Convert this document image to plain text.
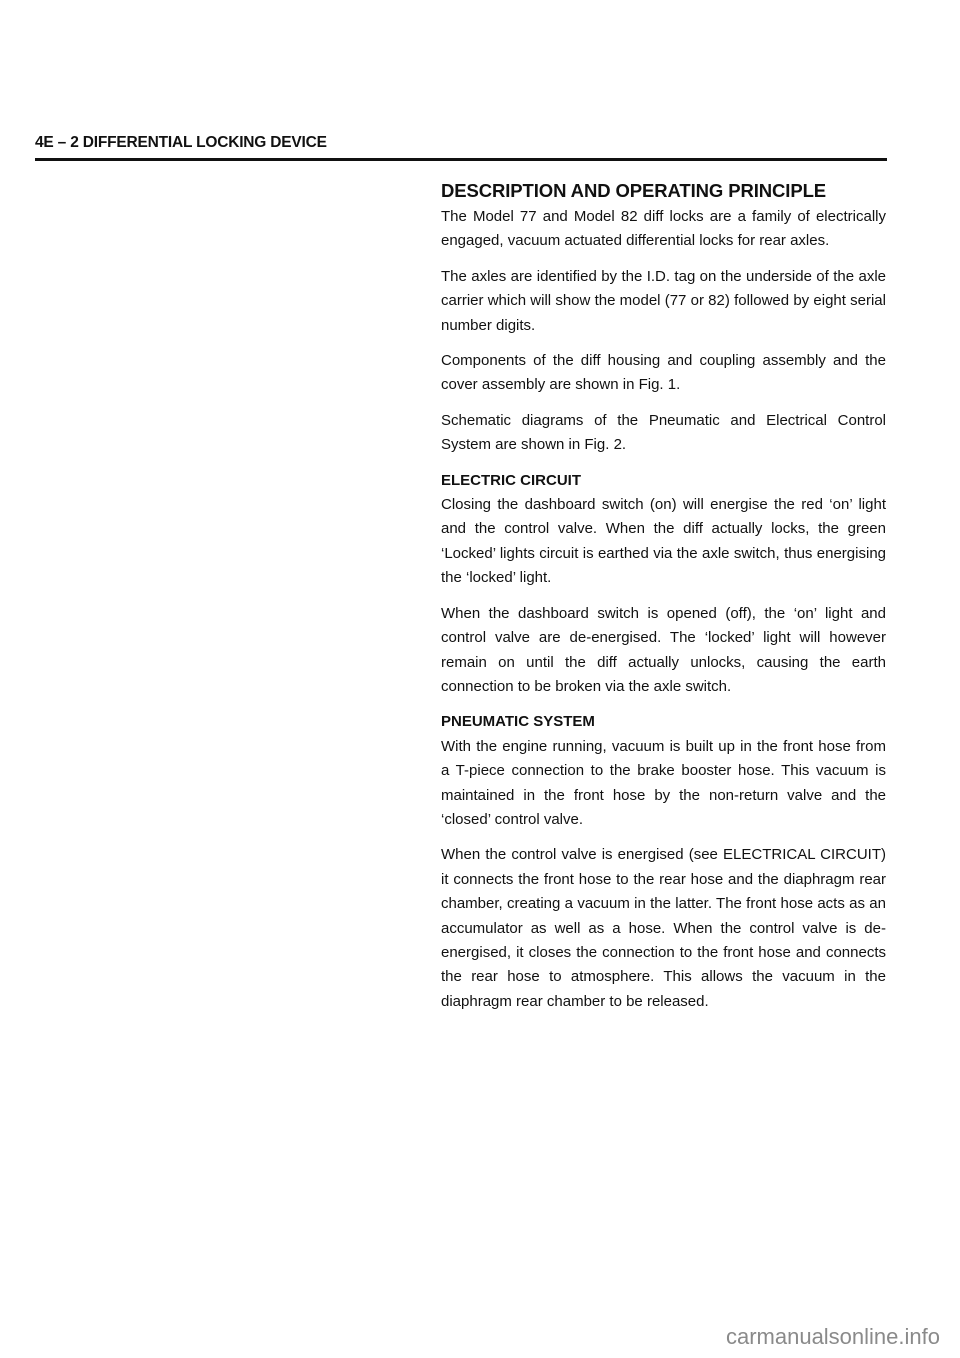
4E – 2 DIFFERENTIAL LOCKING DEVICE
DESCRIPTION AND OPERATING PRINCIPLE

The Model 77 and Model 82 diff locks are a family of electrically engaged, vacuum actuated differential locks for rear axles.

The axles are identified by the I.D. tag on the underside of the axle carrier which will show the model (77 or 82) followed by eight serial number digits.

Components of the diff housing and coupling assembly and the cover assembly are shown in Fig. 1.

Schematic diagrams of the Pneumatic and Electrical Control System are shown in Fig. 2.

ELECTRIC CIRCUIT

Closing the dashboard switch (on) will energise the red ‘on’ light and the control valve. When the diff actually locks, the green ‘Locked’ lights circuit is earthed via the axle switch, thus energising the ‘locked’ light.

When the dashboard switch is opened (off), the ‘on’ light and control valve are de-energised. The ‘locked’ light will however remain on until the diff actually unlocks, causing the earth connection to be broken via the axle switch.

PNEUMATIC SYSTEM

With the engine running, vacuum is built up in the front hose from a T-piece connection to the brake booster hose. This vacuum is maintained in the front hose by the non-return valve and the ‘closed’ control valve.

When the control valve is energised (see ELECTRICAL CIRCUIT) it connects the front hose to the rear hose and the diaphragm rear chamber, creating a vacuum in the latter. The front hose acts as an accumulator as well as a hose. When the control valve is de-energised, it closes the connection to the front hose and connects the rear hose to atmosphere. This allows the vacuum in the diaphragm rear chamber to be released.

carmanualsonline.info
